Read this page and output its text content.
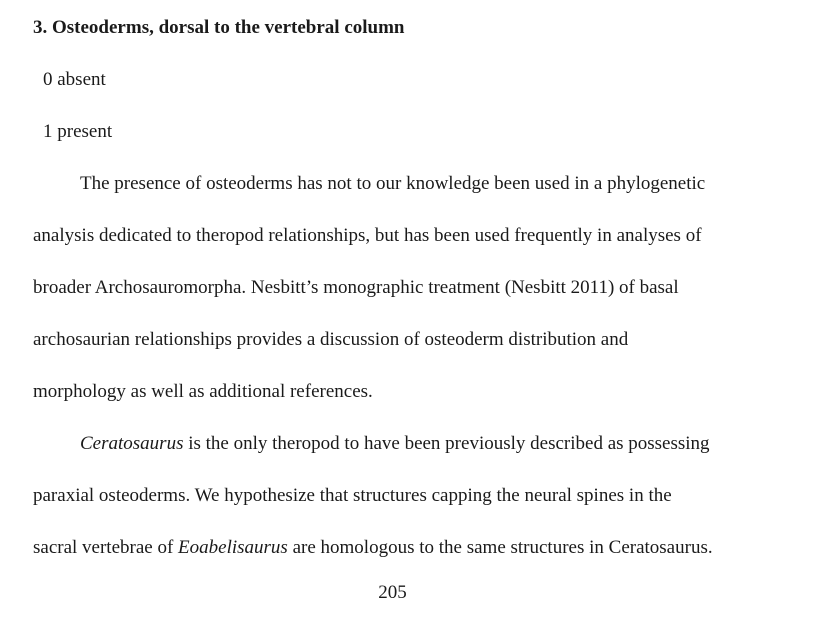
3. Osteoderms, dorsal to the vertebral column
0 absent
1 present
The presence of osteoderms has not to our knowledge been used in a phylogenetic
analysis dedicated to theropod relationships, but has been used frequently in analyses of
broader Archosauromorpha. Nesbitt’s monographic treatment (Nesbitt 2011) of basal
archosaurian relationships provides a discussion of osteoderm distribution and
morphology as well as additional references.
Ceratosaurus is the only theropod to have been previously described as possessing
paraxial osteoderms. We hypothesize that structures capping the neural spines in the
sacral vertebrae of Eoabelisaurus are homologous to the same structures in Ceratosaurus.
205
